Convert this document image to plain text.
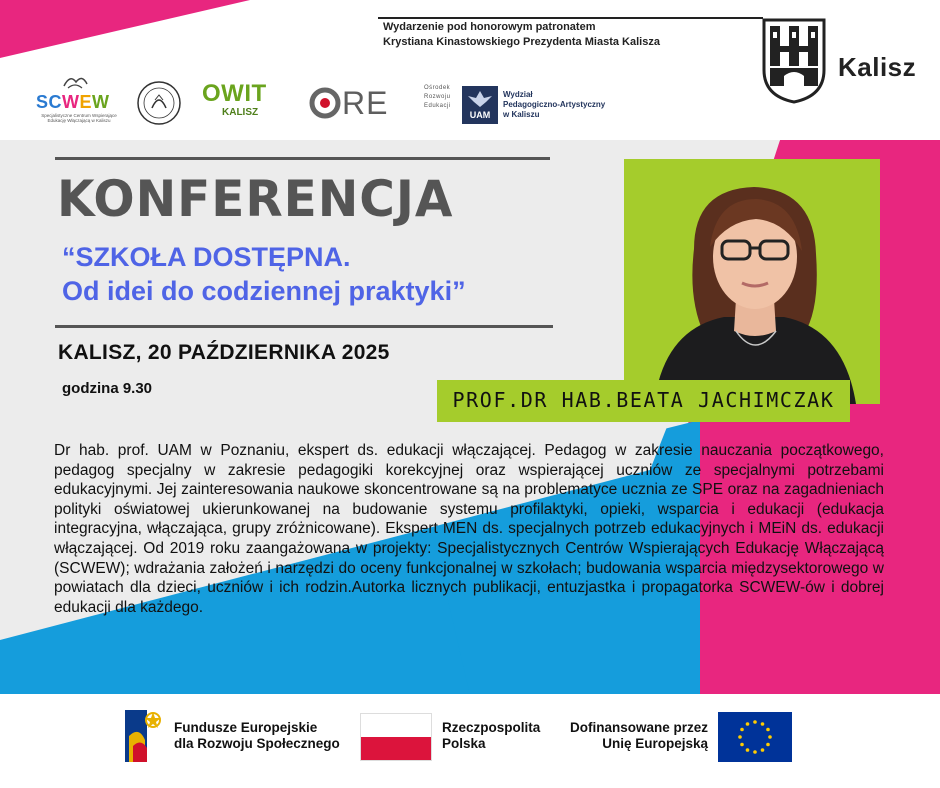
Wydarzenie pod honorowym patronatem
Krystiana Kinastowskiego Prezydenta Miasta Kalisza
Kalisz
SCWEW
Specjalistyczne Centrum Wspierające Edukację Włączającą w Kaliszu
OWIT
KALISZ	RE	Ośrodek
Rozwoju
Edukacji
UAM
Wydział
Pedagogiczno-Artystyczny
w Kaliszu
KONFERENCJA
“SZKOŁA DOSTĘPNA.
Od idei do codziennej praktyki”
KALISZ, 20 PAŹDZIERNIKA 2025
godzina 9.30	PROF.DR HAB.BEATA JACHIMCZAK
Dr hab. prof. UAM w Poznaniu, ekspert ds. edukacji włączającej. Pedagog w zakresie nauczania początkowego, pedagog specjalny w zakresie pedagogiki korekcyjnej oraz wspierającej uczniów ze specjalnymi potrzebami edukacyjnymi. Jej zainteresowania naukowe skoncentrowane są na problematyce ucznia ze SPE oraz na zagadnieniach polityki oświatowej ukierunkowanej na budowanie systemu profilaktyki, opieki, wsparcia i edukacji (edukacja integracyjna, włączająca, grupy zróżnicowane). Ekspert MEN ds. specjalnych potrzeb edukacyjnych i MEiN ds. edukacji włączającej. Od 2019 roku zaangażowana w projekty: Specjalistycznych Centrów Wspierających Edukację Włączającą (SCWEW); wdrażania założeń i narzędzi do oceny funkcjonalnej w szkołach; budowania wsparcia międzysektorowego w powiatach dla dzieci, uczniów i ich rodzin.Autorka licznych publikacji, entuzjastka i propagatorka SCWEW-ów i dobrej edukacji dla każdego.
Fundusze Europejskie
dla Rozwoju Społecznego
Rzeczpospolita
Polska
Dofinansowane przez
Unię Europejską
